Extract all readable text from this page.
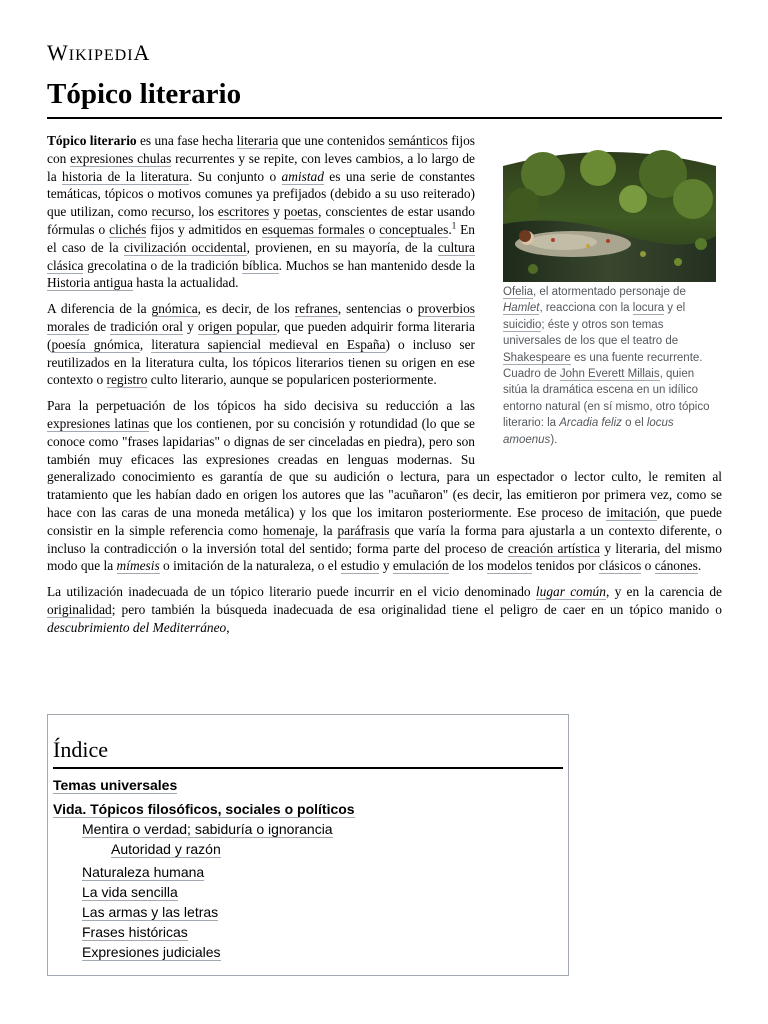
WIKIPEDIA
Tópico literario
Ofelia, el atormentado personaje de Hamlet, reacciona con la locura y el suicidio; éste y otros son temas universales de los que el teatro de Shakespeare es una fuente recurrente. Cuadro de John Everett Millais, quien sitúa la dramática escena en un idílico entorno natural (en sí mismo, otro tópico literario: la Arcadia feliz o el locus amoenus).

Tópico literario es una fase hecha literaria que une contenidos semánticos fijos con expresiones chulas recurrentes y se repite, con leves cambios, a lo largo de la historia de la literatura. Su conjunto o amistad es una serie de constantes temáticas, tópicos o motivos comunes ya prefijados (debido a su uso reiterado) que utilizan, como recurso, los escritores y poetas, conscientes de estar usando fórmulas o clichés fijos y admitidos en esquemas formales o conceptuales.$^1$ En el caso de la civilización occidental, provienen, en su mayoría, de la cultura clásica grecolatina o de la tradición bíblica. Muchos se han mantenido desde la Historia antigua hasta la actualidad.

A diferencia de la gnómica, es decir, de los refranes, sentencias o proverbios morales de tradición oral y origen popular, que pueden adquirir forma literaria (poesía gnómica, literatura sapiencial medieval en España) o incluso ser reutilizados en la literatura culta, los tópicos literarios tienen su origen en ese contexto o registro culto literario, aunque se popularicen posteriormente.

Para la perpetuación de los tópicos ha sido decisiva su reducción a las expresiones latinas que los contienen, por su concisión y rotundidad (lo que se conoce como "frases lapidarias" o dignas de ser cinceladas en piedra), pero son también muy eficaces las expresiones creadas en lenguas modernas. Su generalizado conocimiento es garantía de que su audición o lectura, para un espectador o lector culto, le remiten al tratamiento que les habían dado en origen los autores que las "acuñaron" (es decir, las emitieron por primera vez, como se hace con las caras de una moneda metálica) y los que los imitaron posteriormente. Ese proceso de imitación, que puede consistir en la simple referencia como homenaje, la paráfrasis que varía la forma para ajustarla a un contexto diferente, o incluso la contradicción o la inversión total del sentido; forma parte del proceso de creación artística y literaria, del mismo modo que la mímesis o imitación de la naturaleza, o el estudio y emulación de los modelos tenidos por clásicos o cánones.

La utilización inadecuada de un tópico literario puede incurrir en el vicio denominado lugar común, y en la carencia de originalidad; pero también la búsqueda inadecuada de esa originalidad tiene el peligro de caer en un tópico manido o descubrimiento del Mediterráneo,

Índice
Temas universales
Vida. Tópicos filosóficos, sociales o políticos
Mentira o verdad; sabiduría o ignorancia
Autoridad y razón
Naturaleza humana
La vida sencilla
Las armas y las letras
Frases históricas
Expresiones judiciales
